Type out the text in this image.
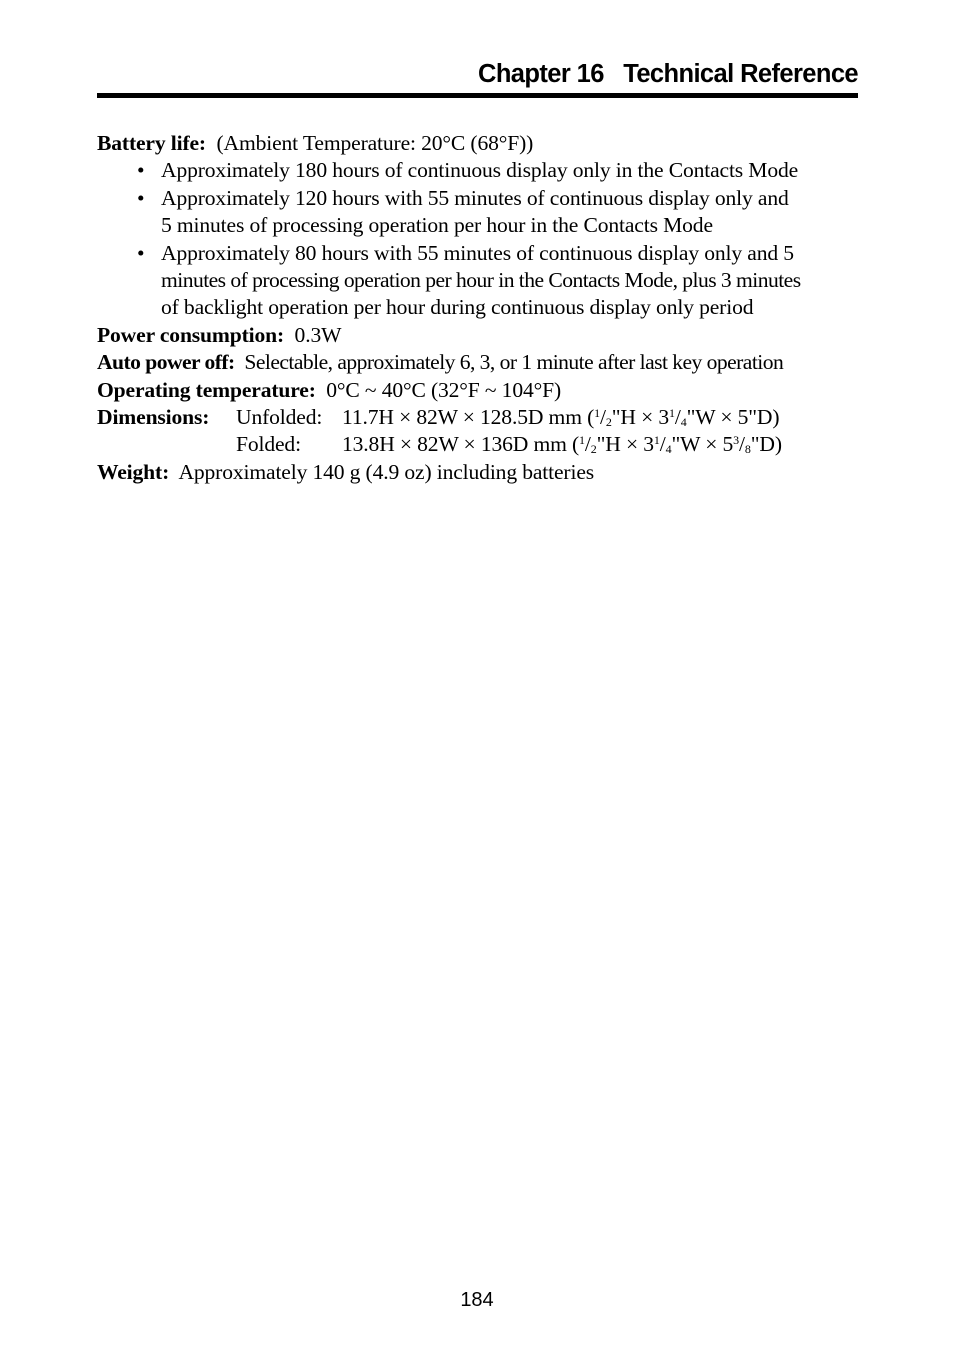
Chapter 16   Technical Reference
Battery life: (Ambient Temperature: 20°C (68°F))
• Approximately 180 hours of continuous display only in the Contacts Mode
• Approximately 120 hours with 55 minutes of continuous display only and
5 minutes of processing operation per hour in the Contacts Mode
• Approximately 80 hours with 55 minutes of continuous display only and 5
minutes of processing operation per hour in the Contacts Mode, plus 3 minutes
of backlight operation per hour during continuous display only period
Power consumption: 0.3W
Auto power off: Selectable, approximately 6, 3, or 1 minute after last key operation
Operating temperature: 0°C ~ 40°C (32°F ~ 104°F)
Dimensions:	Unfolded: 11.7H × 82W × 128.5D mm ($^1/_2"H$ × $3^1/_4"W$ × 5"D)
Folded:	13.8H × 82W × 136D mm ($^1/_2"H$ × $3^1/_4"W$ × $5^3/_8"D$)
Weight: Approximately 140 g (4.9 oz) including batteries
184
